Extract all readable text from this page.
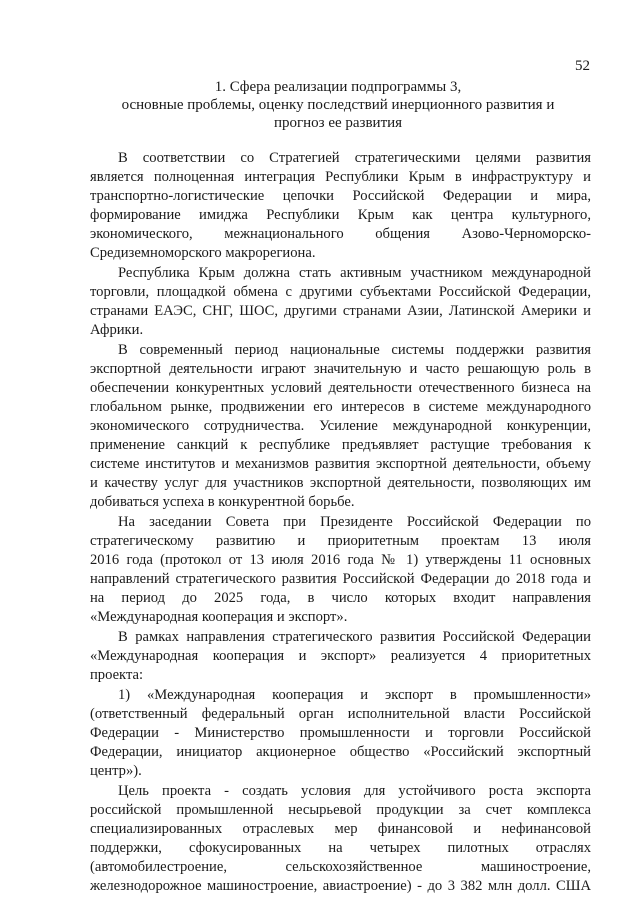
52
1. Сфера реализации подпрограммы 3,
основные проблемы, оценку последствий инерционного развития и
прогноз ее развития
В соответствии со Стратегией стратегическими целями развития
является полноценная интеграция Республики Крым в инфраструктуру и
транспортно-логистические цепочки Российской Федерации и мира,
формирование имиджа Республики Крым как центра культурного,
экономического, межнационального общения Азово-Черноморско-
Средиземноморского макрорегиона.
Республика Крым должна стать активным участником международной
торговли, площадкой обмена с другими субъектами Российской Федерации,
странами ЕАЭС, СНГ, ШОС, другими странами Азии, Латинской Америки и
Африки.
В современный период национальные системы поддержки развития
экспортной деятельности играют значительную и часто решающую роль в
обеспечении конкурентных условий деятельности отечественного бизнеса на
глобальном рынке, продвижении его интересов в системе международного
экономического сотрудничества. Усиление международной конкуренции,
применение санкций к республике предъявляет растущие требования к
системе институтов и механизмов развития экспортной деятельности, объему
и качеству услуг для участников экспортной деятельности, позволяющих им
добиваться успеха в конкурентной борьбе.
На заседании Совета при Президенте Российской Федерации по
стратегическому развитию и приоритетным проектам 13 июля
2016 года (протокол от 13 июля 2016 года № 1) утверждены 11 основных
направлений стратегического развития Российской Федерации до 2018 года и
на период до 2025 года, в число которых входит направления
«Международная кооперация и экспорт».
В рамках направления стратегического развития Российской Федерации
«Международная кооперация и экспорт» реализуется 4 приоритетных
проекта:
1) «Международная кооперация и экспорт в промышленности»
(ответственный федеральный орган исполнительной власти Российской
Федерации - Министерство промышленности и торговли Российской
Федерации, инициатор акционерное общество «Российский экспортный
центр»).
Цель проекта - создать условия для устойчивого роста экспорта
российской промышленной несырьевой продукции за счет комплекса
специализированных отраслевых мер финансовой и нефинансовой
поддержки, сфокусированных на четырех пилотных отраслях
(автомобилестроение, сельскохозяйственное машиностроение,
железнодорожное машиностроение, авиастроение) - до 3 382 млн долл. США
